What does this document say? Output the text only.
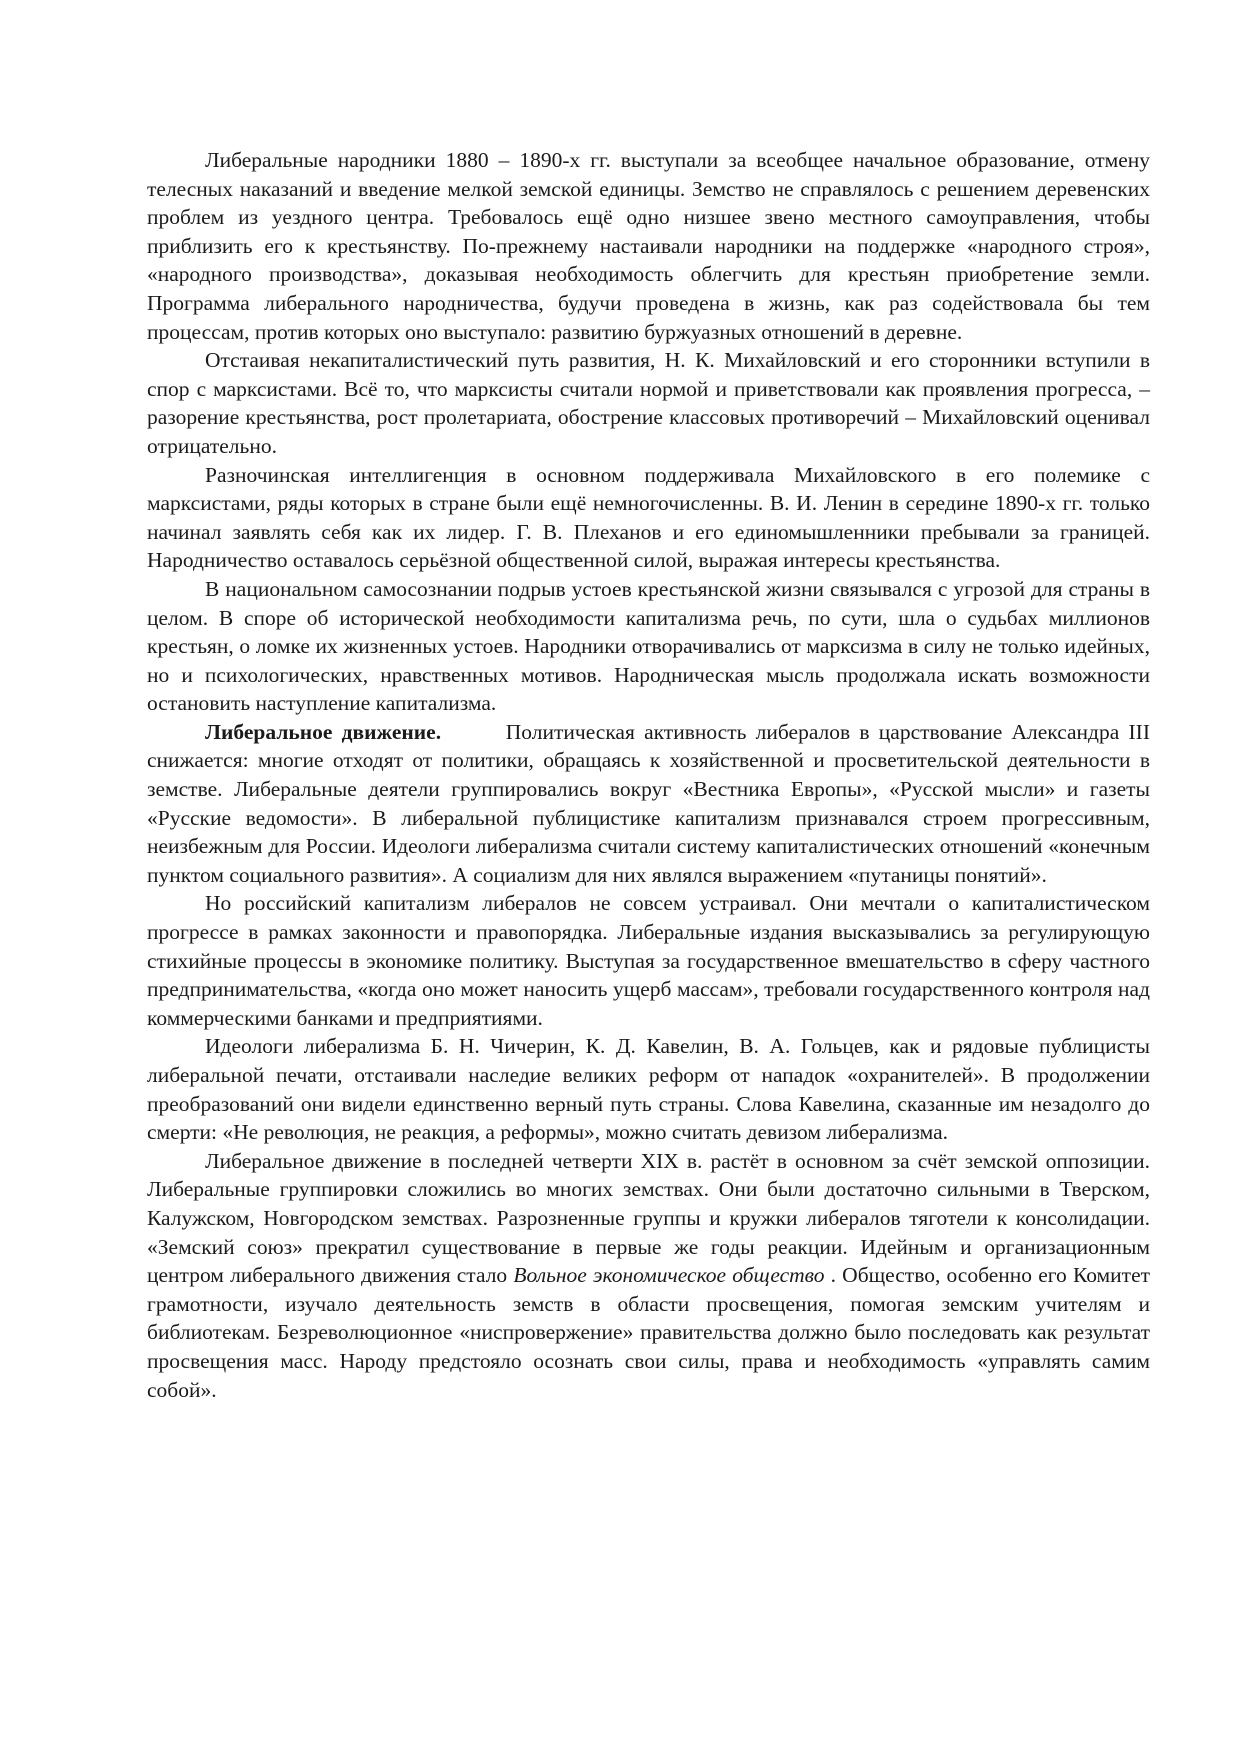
Либеральные народники 1880 – 1890-х гг. выступали за всеобщее начальное образование, отмену телесных наказаний и введение мелкой земской единицы. Земство не справлялось с решением деревенских проблем из уездного центра. Требовалось ещё одно низшее звено местного самоуправления, чтобы приблизить его к крестьянству. По-прежнему настаивали народники на поддержке «народного строя», «народного производства», доказывая необходимость облегчить для крестьян приобретение земли. Программа либерального народничества, будучи проведена в жизнь, как раз содействовала бы тем процессам, против которых оно выступало: развитию буржуазных отношений в деревне.

Отстаивая некапиталистический путь развития, Н. К. Михайловский и его сторонники вступили в спор с марксистами. Всё то, что марксисты считали нормой и приветствовали как проявления прогресса, – разорение крестьянства, рост пролетариата, обострение классовых противоречий – Михайловский оценивал отрицательно.

Разночинская интеллигенция в основном поддерживала Михайловского в его полемике с марксистами, ряды которых в стране были ещё немногочисленны. В. И. Ленин в середине 1890-х гг. только начинал заявлять себя как их лидер. Г. В. Плеханов и его единомышленники пребывали за границей. Народничество оставалось серьёзной общественной силой, выражая интересы крестьянства.

В национальном самосознании подрыв устоев крестьянской жизни связывался с угрозой для страны в целом. В споре об исторической необходимости капитализма речь, по сути, шла о судьбах миллионов крестьян, о ломке их жизненных устоев. Народники отворачивались от марксизма в силу не только идейных, но и психологических, нравственных мотивов. Народническая мысль продолжала искать возможности остановить наступление капитализма.

Либеральное движение.	Политическая активность либералов в царствование Александра III снижается: многие отходят от политики, обращаясь к хозяйственной и просветительской деятельности в земстве. Либеральные деятели группировались вокруг «Вестника Европы», «Русской мысли» и газеты «Русские ведомости». В либеральной публицистике капитализм признавался строем прогрессивным, неизбежным для России. Идеологи либерализма считали систему капиталистических отношений «конечным пунктом социального развития». А социализм для них являлся выражением «путаницы понятий».

Но российский капитализм либералов не совсем устраивал. Они мечтали о капиталистическом прогрессе в рамках законности и правопорядка. Либеральные издания высказывались за регулирующую стихийные процессы в экономике политику. Выступая за государственное вмешательство в сферу частного предпринимательства, «когда оно может наносить ущерб массам», требовали государственного контроля над коммерческими банками и предприятиями.

Идеологи либерализма Б. Н. Чичерин, К. Д. Кавелин, В. А. Гольцев, как и рядовые публицисты либеральной печати, отстаивали наследие великих реформ от нападок «охранителей». В продолжении преобразований они видели единственно верный путь страны. Слова Кавелина, сказанные им незадолго до смерти: «Не революция, не реакция, а реформы», можно считать девизом либерализма.

Либеральное движение в последней четверти XIX в. растёт в основном за счёт земской оппозиции. Либеральные группировки сложились во многих земствах. Они были достаточно сильными в Тверском, Калужском, Новгородском земствах. Разрозненные группы и кружки либералов тяготели к консолидации. «Земский союз» прекратил существование в первые же годы реакции. Идейным и организационным центром либерального движения стало Вольное экономическое общество . Общество, особенно его Комитет грамотности, изучало деятельность земств в области просвещения, помогая земским учителям и библиотекам. Безреволюционное «ниспровержение» правительства должно было последовать как результат просвещения масс. Народу предстояло осознать свои силы, права и необходимость «управлять самим собой».
